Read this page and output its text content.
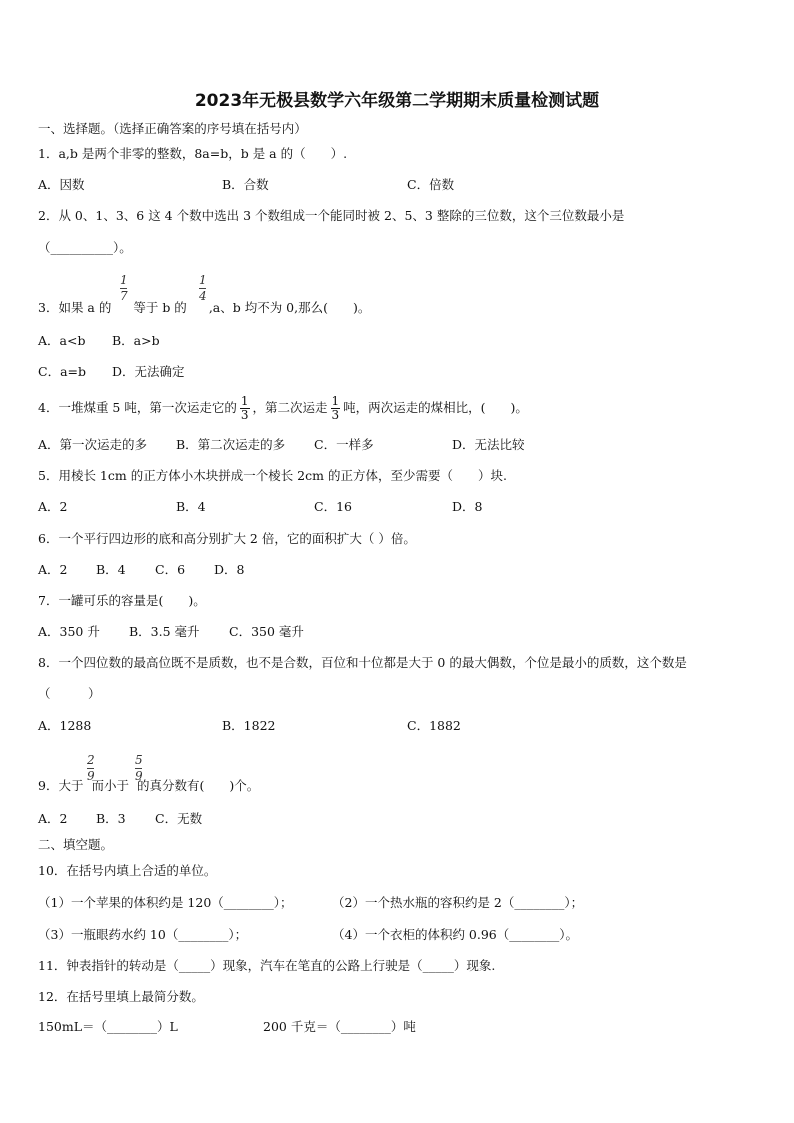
2023年无极县数学六年级第二学期期末质量检测试题
一、选择题。（选择正确答案的序号填在括号内）
1．a,b 是两个非零的整数，8a=b，b 是 a 的（　　）.
A．因数	B．合数	C．倍数
2．从 0、1、3、6 这 4 个数中选出 3 个数组成一个能同时被 2、5、3 整除的三位数，这个三位数最小是
（__________）。
3．如果 a 的 等于 b 的 ,a、b 均不为 0,那么(　　)。
1
7
1
4
A．a<b B．a>b
C．a=b D．无法确定
4．一堆煤重 5 吨，第一次运走它的 $\frac{1}{3}$ ，第二次运走 $\frac{1}{3}$ 吨，两次运走的煤相比，(　　)。
A．第一次运走的多 B．第二次运走的多 C．一样多	D．无法比较
5．用棱长 1cm 的正方体小木块拼成一个棱长 2cm 的正方体，至少需要（　　）块.
A．2	B．4	C．16	D．8
6．一个平行四边形的底和高分别扩大 2 倍，它的面积扩大（ ）倍。
A．2 B．4 C．6 D．8
7．一罐可乐的容量是(　　)。
A．350 升 B．3.5 毫升 C．350 毫升
8．一个四位数的最高位既不是质数，也不是合数，百位和十位都是大于 0 的最大偶数，个位是最小的质数，这个数是
（　　　）
A．1288	B．1822	C．1882
9．大于 而小于 的真分数有(　　)个。
2
9
5
9
A．2 B．3 C．无数
二、填空题。
10．在括号内填上合适的单位。
（1）一个苹果的体积约是 120（________）；	（2）一个热水瓶的容积约是 2（________）；
（3）一瓶眼药水约 10（________）；	（4）一个衣柜的体积约 0.96（________）。
11．钟表指针的转动是（_____）现象，汽车在笔直的公路上行驶是（_____）现象.
12．在括号里填上最简分数。
150mL＝（________）L	200 千克＝（________）吨
